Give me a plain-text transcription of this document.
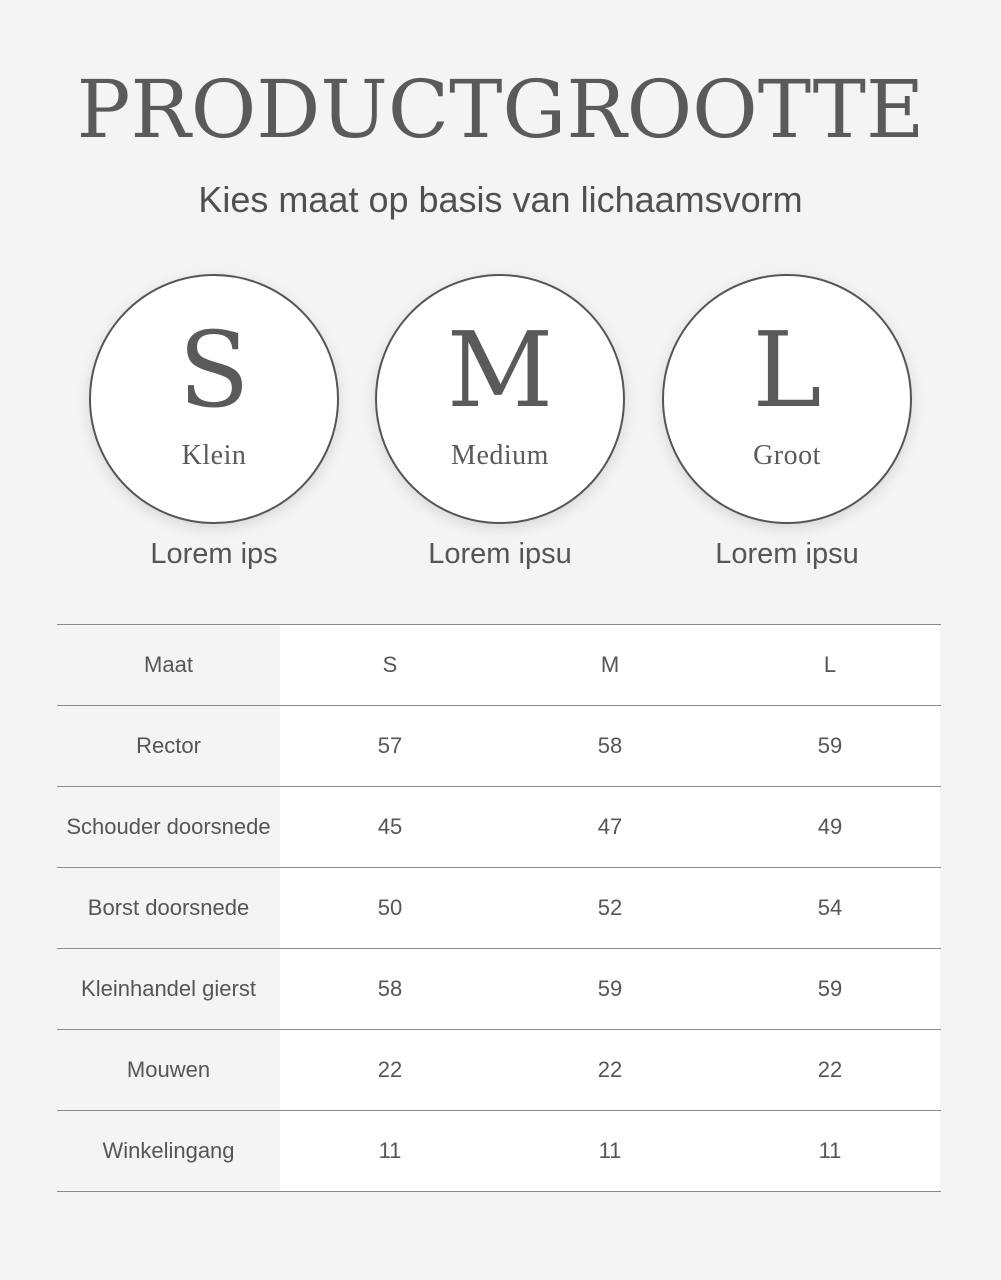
PRODUCTGROOTTE
Kies maat op basis van lichaamsvorm
S
Klein
Lorem ips
M
Medium
Lorem ipsu
L
Groot
Lorem ipsu
Maat	S	M	L
Rector	57	58	59
Schouder doorsnede	45	47	49
Borst doorsnede	50	52	54
Kleinhandel gierst	58	59	59
Mouwen	22	22	22
Winkelingang	11	11	11
